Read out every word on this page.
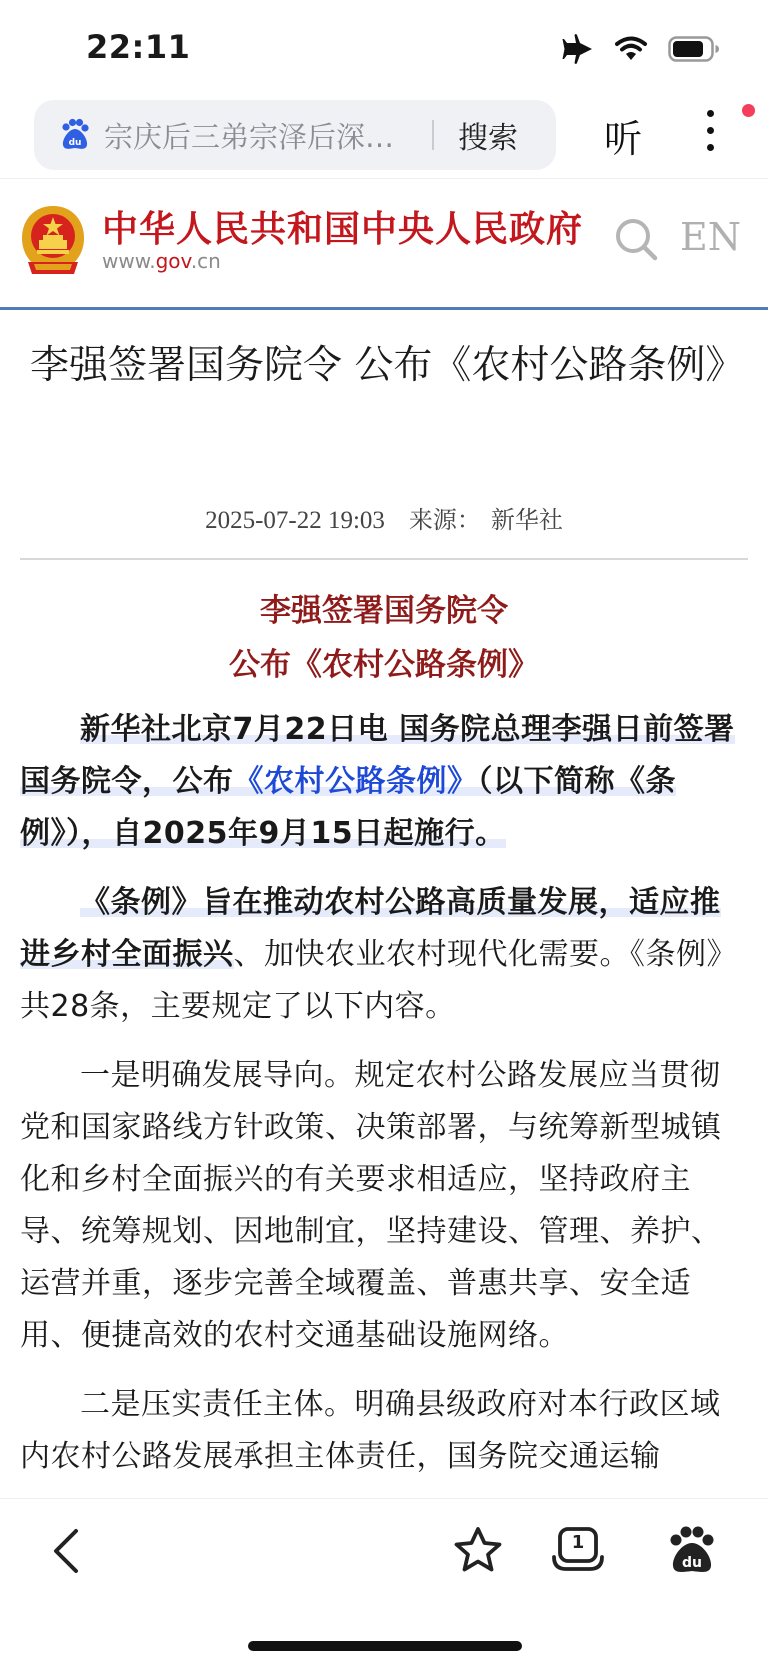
22:11
du 宗庆后三弟宗泽后深…	搜索 听
中华人民共和国中央人民政府
www.gov.cn
EN
李强签署国务院令 公布《农村公路条例》
2025-07-22 19:03 来源： 新华社
李强签署国务院令
公布《农村公路条例》

新华社北京7月22日电 国务院总理李强日前签署国务院令，公布《农村公路条例》（以下简称《条例》），自2025年9月15日起施行。

《条例》旨在推动农村公路高质量发展，适应推进乡村全面振兴、加快农业农村现代化需要。《条例》共28条，主要规定了以下内容。

一是明确发展导向。规定农村公路发展应当贯彻党和国家路线方针政策、决策部署，与统筹新型城镇化和乡村全面振兴的有关要求相适应，坚持政府主导、统筹规划、因地制宜，坚持建设、管理、养护、运营并重，逐步完善全域覆盖、普惠共享、安全适用、便捷高效的农村交通基础设施网络。

二是压实责任主体。明确县级政府对本行政区域内农村公路发展承担主体责任，国务院交通运输

1
du
